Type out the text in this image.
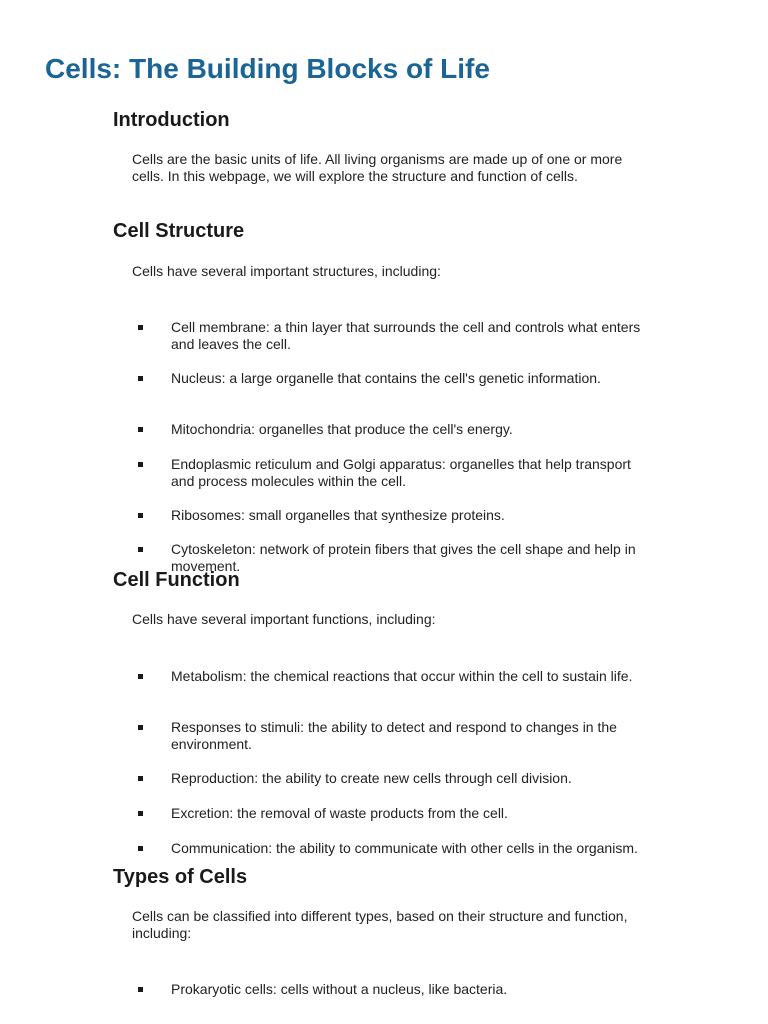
Cells: The Building Blocks of Life
Introduction

Cells are the basic units of life. All living organisms are made up of one or more cells. In this webpage, we will explore the structure and function of cells.

Cell Structure

Cells have several important structures, including:

Cell membrane: a thin layer that surrounds the cell and controls what enters and leaves the cell.
Nucleus: a large organelle that contains the cell's genetic information.
Mitochondria: organelles that produce the cell's energy.
Endoplasmic reticulum and Golgi apparatus: organelles that help transport and process molecules within the cell.
Ribosomes: small organelles that synthesize proteins.
Cytoskeleton: network of protein fibers that gives the cell shape and help in movement.
Cell Function

Cells have several important functions, including:

Metabolism: the chemical reactions that occur within the cell to sustain life.
Responses to stimuli: the ability to detect and respond to changes in the environment.
Reproduction: the ability to create new cells through cell division.
Excretion: the removal of waste products from the cell.
Communication: the ability to communicate with other cells in the organism.
Types of Cells

Cells can be classified into different types, based on their structure and function, including:

Prokaryotic cells: cells without a nucleus, like bacteria.
